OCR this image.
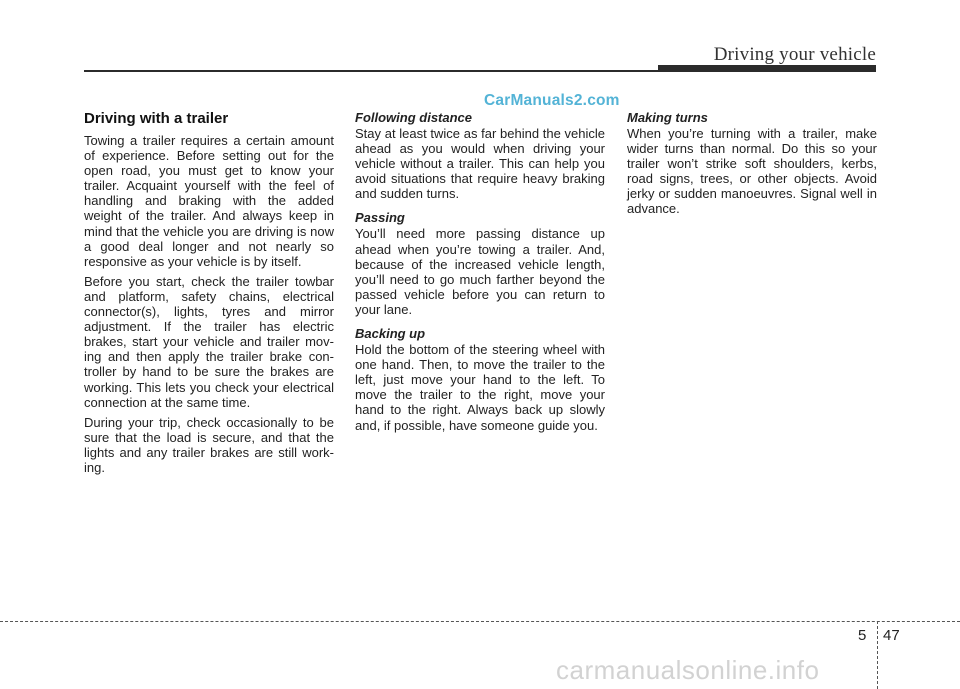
Driving your vehicle
CarManuals2.com
Driving with a trailer

Towing a trailer requires a certain amount of experience. Before setting out for the open road, you must get to know your trailer. Acquaint yourself with the feel of handling and braking with the added weight of the trailer. And always keep in mind that the vehicle you are driving is now a good deal longer and not nearly so responsive as your vehicle is by itself.

Before you start, check the trailer towbar and platform, safety chains, electrical connector(s), lights, tyres and mirror adjustment. If the trailer has electric brakes, start your vehicle and trailer moving and then apply the trailer brake controller by hand to be sure the brakes are working. This lets you check your electrical connection at the same time.

During your trip, check occasionally to be sure that the load is secure, and that the lights and any trailer brakes are still working.

Following distance

Stay at least twice as far behind the vehicle ahead as you would when driving your vehicle without a trailer. This can help you avoid situations that require heavy braking and sudden turns.

Passing

You’ll need more passing distance up ahead when you’re towing a trailer. And, because of the increased vehicle length, you’ll need to go much farther beyond the passed vehicle before you can return to your lane.

Backing up

Hold the bottom of the steering wheel with one hand. Then, to move the trailer to the left, just move your hand to the left. To move the trailer to the right, move your hand to the right. Always back up slowly and, if possible, have someone guide you.

Making turns

When you’re turning with a trailer, make wider turns than normal. Do this so your trailer won’t strike soft shoulders, kerbs, road signs, trees, or other objects. Avoid jerky or sudden manoeuvres. Signal well in advance.

5 47
carmanualsonline.info
